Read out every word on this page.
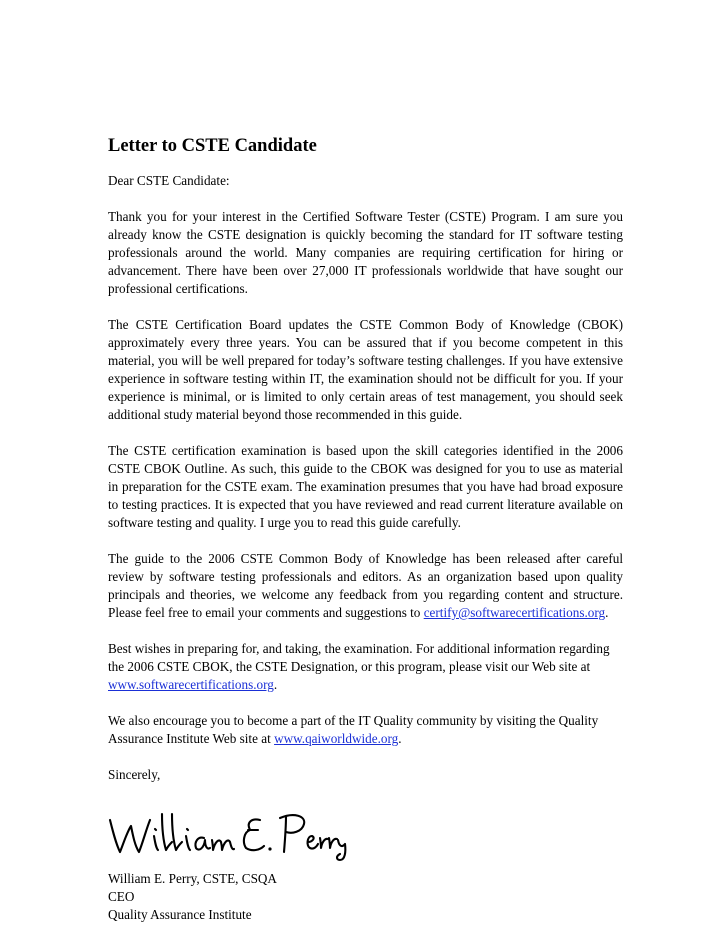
Letter to CSTE Candidate

Dear CSTE Candidate:

Thank you for your interest in the Certified Software Tester (CSTE) Program. I am sure you already know the CSTE designation is quickly becoming the standard for IT software testing professionals around the world. Many companies are requiring certification for hiring or advancement. There have been over 27,000 IT professionals worldwide that have sought our professional certifications.

The CSTE Certification Board updates the CSTE Common Body of Knowledge (CBOK) approximately every three years. You can be assured that if you become competent in this material, you will be well prepared for today’s software testing challenges. If you have extensive experience in software testing within IT, the examination should not be difficult for you. If your experience is minimal, or is limited to only certain areas of test management, you should seek additional study material beyond those recommended in this guide.

The CSTE certification examination is based upon the skill categories identified in the 2006 CSTE CBOK Outline. As such, this guide to the CBOK was designed for you to use as material in preparation for the CSTE exam. The examination presumes that you have had broad exposure to testing practices. It is expected that you have reviewed and read current literature available on software testing and quality. I urge you to read this guide carefully.

The guide to the 2006 CSTE Common Body of Knowledge has been released after careful review by software testing professionals and editors. As an organization based upon quality principals and theories, we welcome any feedback from you regarding content and structure. Please feel free to email your comments and suggestions to certify@softwarecertifications.org.

Best wishes in preparing for, and taking, the examination. For additional information regarding the 2006 CSTE CBOK, the CSTE Designation, or this program, please visit our Web site at www.softwarecertifications.org.

We also encourage you to become a part of the IT Quality community by visiting the Quality Assurance Institute Web site at www.qaiworldwide.org.

Sincerely,

William E. Perry, CSTE, CSQA
CEO
Quality Assurance Institute
